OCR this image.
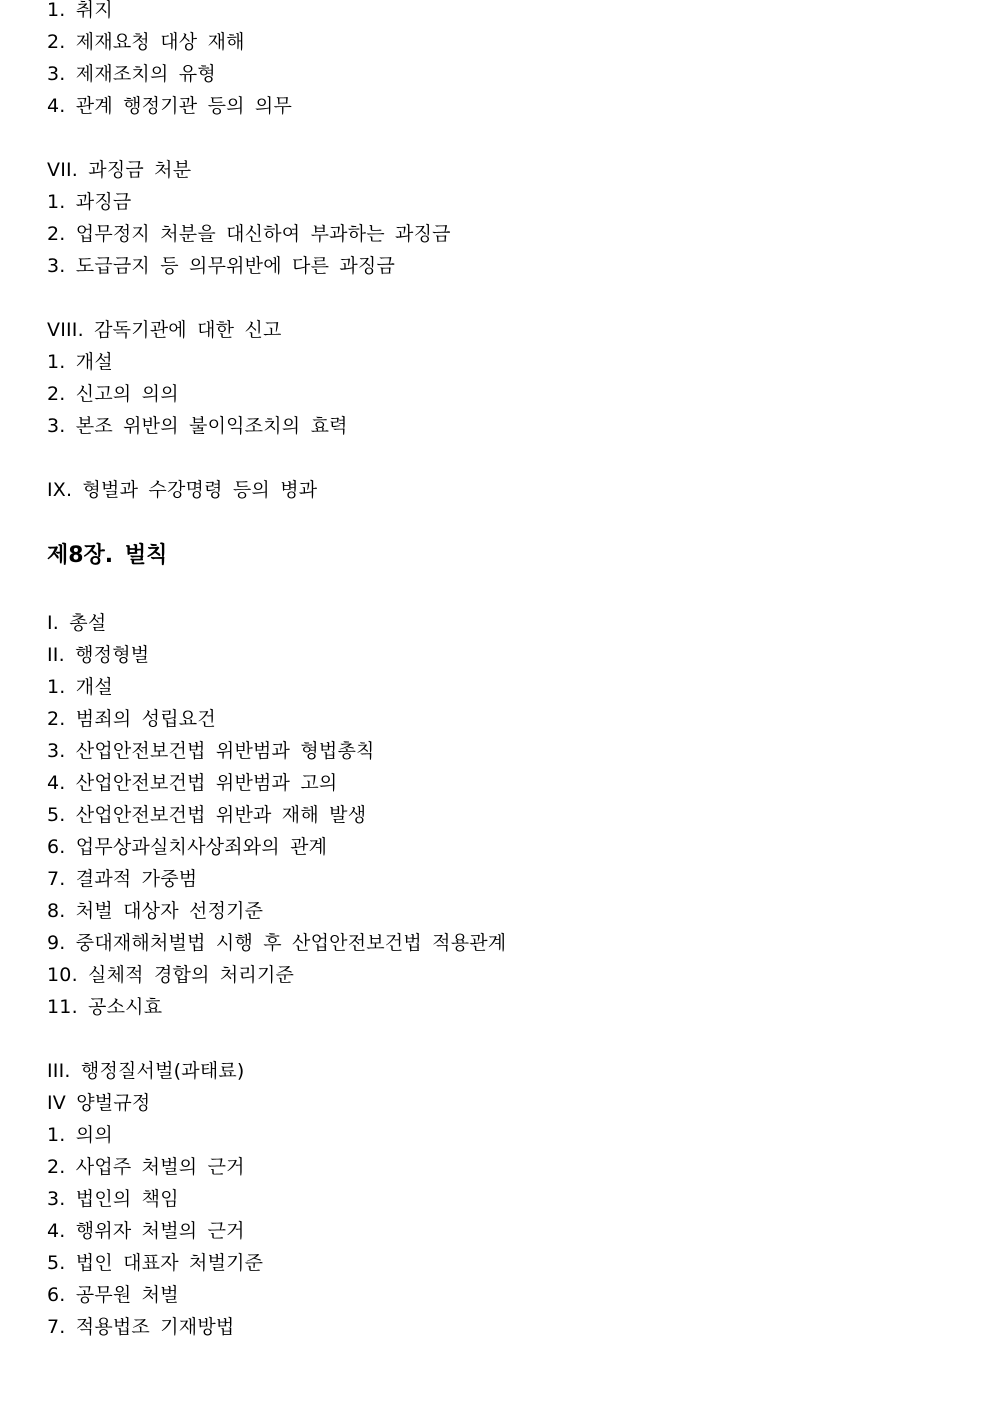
1. 취지
2. 제재요청 대상 재해
3. 제재조치의 유형
4. 관계 행정기관 등의 의무
VII. 과징금 처분
1. 과징금
2. 업무정지 처분을 대신하여 부과하는 과징금
3. 도급금지 등 의무위반에 다른 과징금
VIII. 감독기관에 대한 신고
1. 개설
2. 신고의 의의
3. 본조 위반의 불이익조치의 효력
IX. 형벌과 수강명령 등의 병과
제8장. 벌칙
I. 총설
II. 행정형벌
1. 개설
2. 범죄의 성립요건
3. 산업안전보건법 위반범과 형법총칙
4. 산업안전보건법 위반범과 고의
5. 산업안전보건법 위반과 재해 발생
6. 업무상과실치사상죄와의 관계
7. 결과적 가중범
8. 처벌 대상자 선정기준
9. 중대재해처벌법 시행 후 산업안전보건법 적용관계
10. 실체적 경합의 처리기준
11. 공소시효
III. 행정질서벌(과태료)
IV 양벌규정
1. 의의
2. 사업주 처벌의 근거
3. 법인의 책임
4. 행위자 처벌의 근거
5. 법인 대표자 처벌기준
6. 공무원 처벌
7. 적용법조 기재방법
